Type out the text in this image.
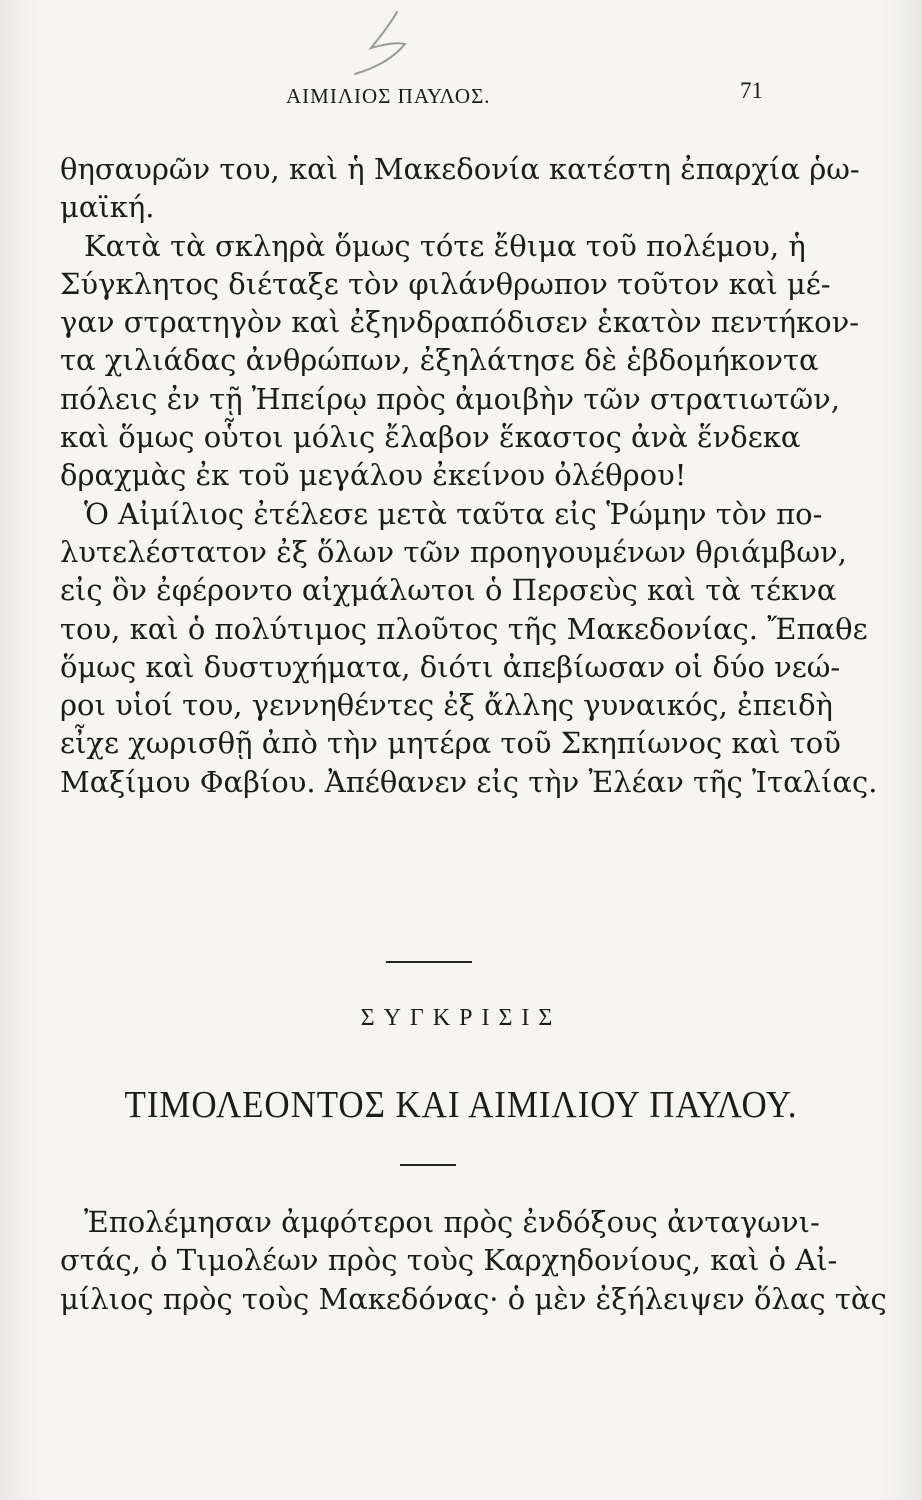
ΑΙΜΙΛΙΟΣ ΠΑΥΛΟΣ.	71
θησαυρῶν του, καὶ ἡ Μακεδονία κατέστη ἐπαρχία ῥω-
μαϊκή.
Κατὰ τὰ σκληρὰ ὅμως τότε ἔθιμα τοῦ πολέμου, ἡ
Σύγκλητος διέταξε τὸν φιλάνθρωπον τοῦτον καὶ μέ-
γαν στρατηγὸν καὶ ἐξηνδραπόδισεν ἑκατὸν πεντήκον-
τα χιλιάδας ἀνθρώπων, ἐξηλάτησε δὲ ἑβδομήκοντα
πόλεις ἐν τῇ Ἠπείρῳ πρὸς ἀμοιβὴν τῶν στρατιωτῶν,
καὶ ὅμως οὗτοι μόλις ἔλαβον ἕκαστος ἀνὰ ἕνδεκα
δραχμὰς ἐκ τοῦ μεγάλου ἐκείνου ὀλέθρου!
Ὁ Αἰμίλιος ἐτέλεσε μετὰ ταῦτα εἰς Ῥώμην τὸν πο-
λυτελέστατον ἐξ ὅλων τῶν προηγουμένων θριάμβων,
εἰς ὃν ἐφέροντο αἰχμάλωτοι ὁ Περσεὺς καὶ τὰ τέκνα
του, καὶ ὁ πολύτιμος πλοῦτος τῆς Μακεδονίας. Ἔπαθε
ὅμως καὶ δυστυχήματα, διότι ἀπεβίωσαν οἱ δύο νεώ-
ροι υἱοί του, γεννηθέντες ἐξ ἄλλης γυναικός, ἐπειδὴ
εἶχε χωρισθῇ ἀπὸ τὴν μητέρα τοῦ Σκηπίωνος καὶ τοῦ
Μαξίμου Φαβίου. Ἀπέθανεν εἰς τὴν Ἐλέαν τῆς Ἰταλίας.
ΣΥΓΚΡΙΣΙΣ
ΤΙΜΟΛΕΟΝΤΟΣ ΚΑΙ ΑΙΜΙΛΙΟΥ ΠΑΥΛΟΥ.
Ἐπολέμησαν ἀμφότεροι πρὸς ἐνδόξους ἀνταγωνι-
στάς, ὁ Τιμολέων πρὸς τοὺς Καρχηδονίους, καὶ ὁ Αἰ-
μίλιος πρὸς τοὺς Μακεδόνας· ὁ μὲν ἐξήλειψεν ὅλας τὰς
